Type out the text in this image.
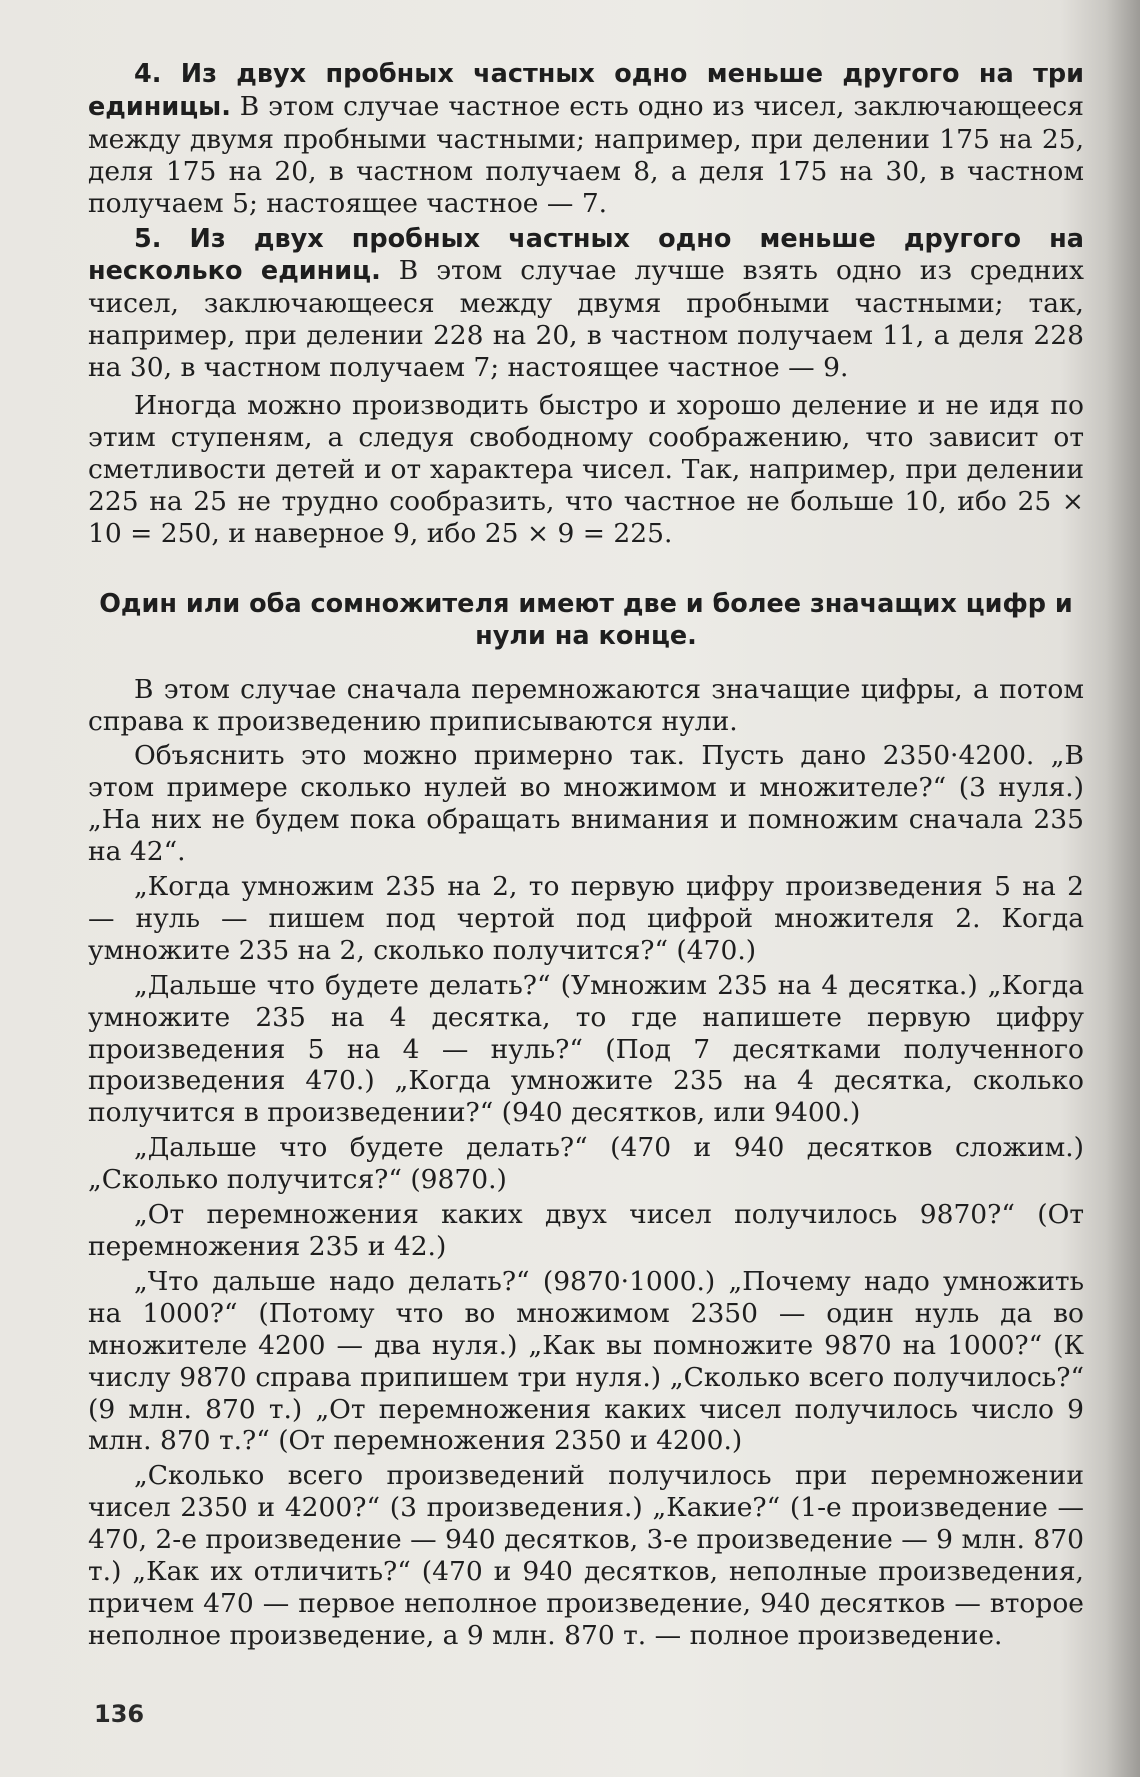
4. Из двух пробных частных одно меньше другого на три единицы. В этом случае частное есть одно из чисел, заключающееся между двумя пробными частными; например, при делении 175 на 25, деля 175 на 20, в частном получаем 8, а деля 175 на 30, в частном получаем 5; настоящее частное — 7.

5. Из двух пробных частных одно меньше другого на несколько единиц. В этом случае лучше взять одно из средних чисел, заключающееся между двумя пробными частными; так, например, при делении 228 на 20, в частном получаем 11, а деля 228 на 30, в частном получаем 7; настоящее частное — 9.

Иногда можно производить быстро и хорошо деление и не идя по этим ступеням, а следуя свободному соображению, что зависит от сметливости детей и от характера чисел. Так, например, при делении 225 на 25 не трудно сообразить, что частное не больше 10, ибо 25 × 10 = 250, и наверное 9, ибо 25 × 9 = 225.

Один или оба сомножителя имеют две и более значащих цифр и нули на конце.

В этом случае сначала перемножаются значащие цифры, а потом справа к произведению приписываются нули.

Объяснить это можно примерно так. Пусть дано 2350·4200. „В этом примере сколько нулей во множимом и множителе?“ (3 нуля.) „На них не будем пока обращать внимания и помножим сначала 235 на 42“.

„Когда умножим 235 на 2, то первую цифру произведения 5 на 2 — нуль — пишем под чертой под цифрой множителя 2. Когда умножите 235 на 2, сколько получится?“ (470.)

„Дальше что будете делать?“ (Умножим 235 на 4 десятка.) „Когда умножите 235 на 4 десятка, то где напишете первую цифру произведения 5 на 4 — нуль?“ (Под 7 десятками полученного произведения 470.) „Когда умножите 235 на 4 десятка, сколько получится в произведении?“ (940 десятков, или 9400.)

„Дальше что будете делать?“ (470 и 940 десятков сложим.) „Сколько получится?“ (9870.)

„От перемножения каких двух чисел получилось 9870?“ (От перемножения 235 и 42.)

„Что дальше надо делать?“ (9870·1000.) „Почему надо умножить на 1000?“ (Потому что во множимом 2350 — один нуль да во множителе 4200 — два нуля.) „Как вы помножите 9870 на 1000?“ (К числу 9870 справа припишем три нуля.) „Сколько всего получилось?“ (9 млн. 870 т.) „От перемножения каких чисел получилось число 9 млн. 870 т.?“ (От перемножения 2350 и 4200.)

„Сколько всего произведений получилось при перемножении чисел 2350 и 4200?“ (3 произведения.) „Какие?“ (1-е произведение — 470, 2-е произведение — 940 десятков, 3-е произведение — 9 млн. 870 т.) „Как их отличить?“ (470 и 940 десятков, неполные произведения, причем 470 — первое неполное произведение, 940 десятков — второе неполное произведение, а 9 млн. 870 т. — полное произведение.

136
